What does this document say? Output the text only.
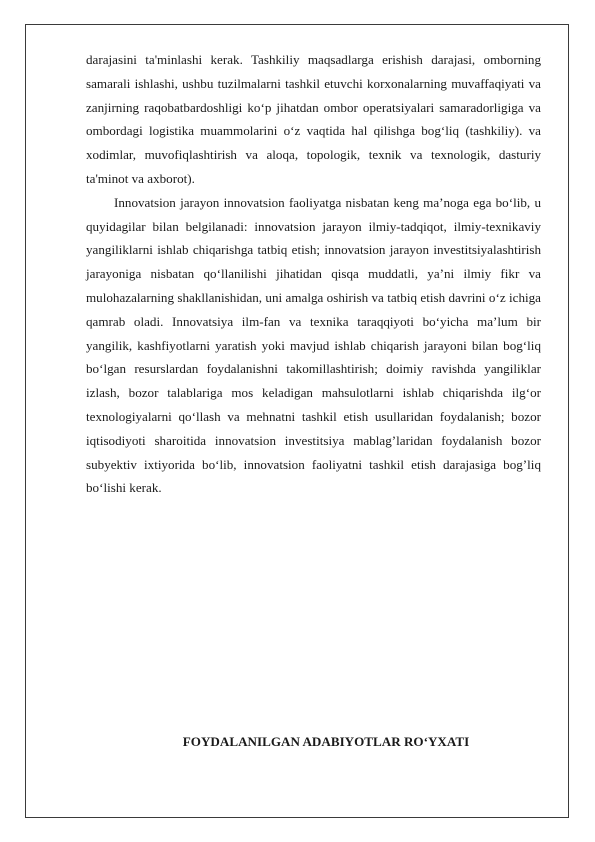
darajasini ta'minlashi kerak. Tashkiliy maqsadlarga erishish darajasi, omborning samarali ishlashi, ushbu tuzilmalarni tashkil etuvchi korxonalarning muvaffaqiyati va zanjirning raqobatbardoshligi ko‘p jihatdan ombor operatsiyalari samaradorligiga va ombordagi logistika muammolarini o‘z vaqtida hal qilishga bog‘liq (tashkiliy). va xodimlar, muvofiqlashtirish va aloqa, topologik, texnik va texnologik, dasturiy ta'minot va axborot).

Innovatsion jarayon innovatsion faoliyatga nisbatan keng ma’noga ega bo‘lib, u quyidagilar bilan belgilanadi: innovatsion jarayon ilmiy-tadqiqot, ilmiy-texnikaviy yangiliklarni ishlab chiqarishga tatbiq etish; innovatsion jarayon investitsiyalashtirish jarayoniga nisbatan qo‘llanilishi jihatidan qisqa muddatli, ya’ni ilmiy fikr va mulohazalarning shakllanishidan, uni amalga oshirish va tatbiq etish davrini o‘z ichiga qamrab oladi. Innovatsiya ilm-fan va texnika taraqqiyoti bo‘yicha ma’lum bir yangilik, kashfiyotlarni yaratish yoki mavjud ishlab chiqarish jarayoni bilan bog‘liq bo‘lgan resurslardan foydalanishni takomillashtirish; doimiy ravishda yangiliklar izlash, bozor talablariga mos keladigan mahsulotlarni ishlab chiqarishda ilg‘or texnologiyalarni qo‘llash va mehnatni tashkil etish usullaridan foydalanish; bozor iqtisodiyoti sharoitida innovatsion investitsiya mablag’laridan foydalanish bozor subyektiv ixtiyorida bo‘lib, innovatsion faoliyatni tashkil etish darajasiga bog’liq bo‘lishi kerak.

FOYDALANILGAN ADABIYOTLAR RO‘YXATI
